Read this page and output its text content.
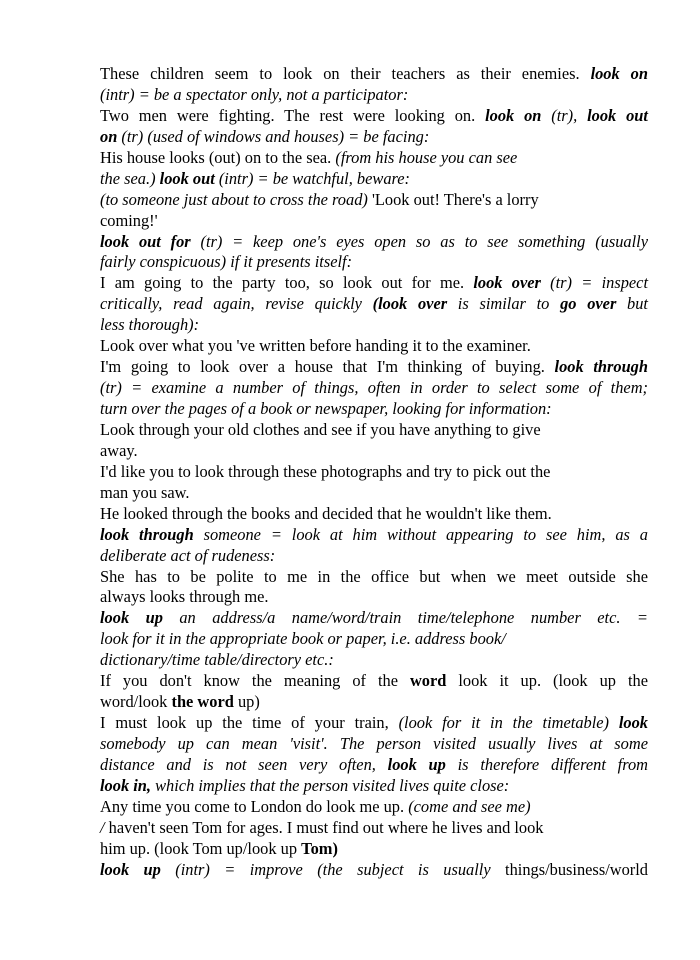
These children seem to look on their teachers as their enemies. look on
(intr) = be a spectator only, not a participator:
Two men were fighting. The rest were looking on. look on (tr), look out
on (tr) (used of windows and houses) = be facing:
His house looks (out) on to the sea. (from his house you can see
the sea.) look out (intr) = be watchful, beware:
(to someone just about to cross the road) 'Look out! There's a lorry
coming!'
look out for (tr) = keep one's eyes open so as to see something (usually
fairly conspicuous) if it presents itself:
I am going to the party too, so look out for me. look over (tr) = inspect
critically, read again, revise quickly (look over is similar to go over but
less thorough):
Look over what you 've written before handing it to the examiner.
I'm going to look over a house that I'm thinking of buying. look through
(tr) = examine a number of things, often in order to select some of them;
turn over the pages of a book or newspaper, looking for information:
Look through your old clothes and see if you have anything to give
away.
I'd like you to look through these photographs and try to pick out the
man you saw.
He looked through the books and decided that he wouldn't like them.
look through someone = look at him without appearing to see him, as a
deliberate act of rudeness:
She has to be polite to me in the office but when we meet outside she
always looks through me.
look up an address/a name/word/train time/telephone number etc. =
look for it in the appropriate book or paper, i.e. address book/
dictionary/time table/directory etc.:
If you don't know the meaning of the word look it up. (look up the
word/look the word up)
I must look up the time of your train, (look for it in the timetable) look
somebody up can mean 'visit'. The person visited usually lives at some
distance and is not seen very often, look up is therefore different from
look in, which implies that the person visited lives quite close:
Any time you come to London do look me up. (come and see me)
/ haven't seen Tom for ages. I must find out where he lives and look
him up. (look Tom up/look up Tom)
look up (intr) = improve (the subject is usually things/business/world
